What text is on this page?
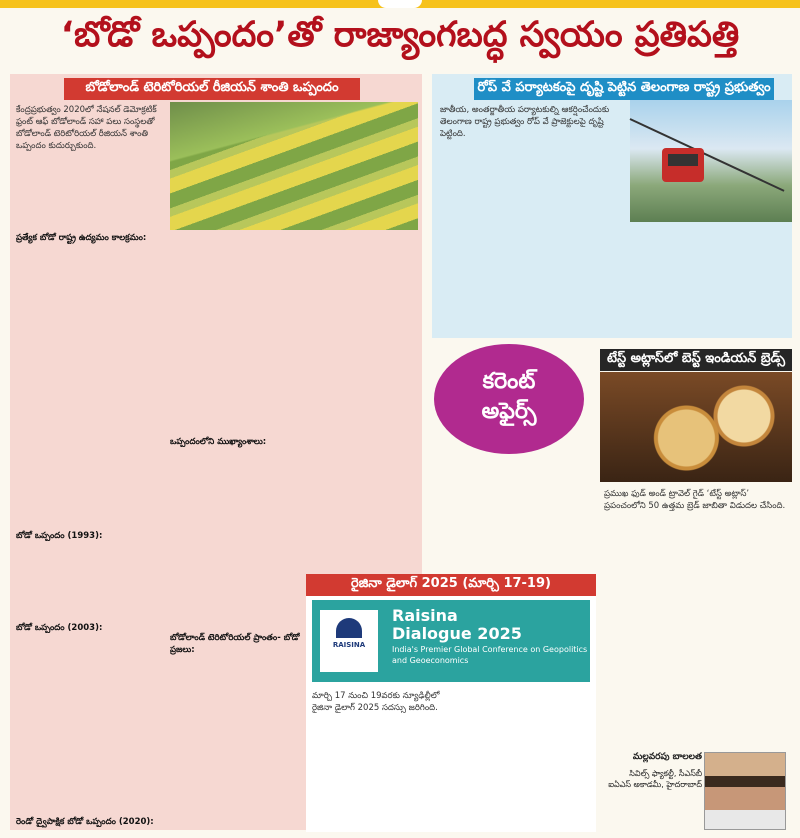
‘బోడో ఒప్పందం’తో రాజ్యాంగబద్ధ స్వయం ప్రతిపత్తి
బోడోలాండ్ టెరిటోరియల్ రీజియన్ శాంతి ఒప్పందం	రోప్ వే పర్యాటకంపై దృష్టి పెట్టిన తెలంగాణ రాష్ట్ర ప్రభుత్వం
టేస్ట్ అట్లాస్‌లో బెస్ట్ ఇండియన్ బ్రెడ్స్
రైజినా డైలాగ్ 2025 (మార్చి 17-19)
కరెంట్
అఫైర్స్
RAISINA
Raisina
Dialogue 2025
India's Premier Global Conference on Geopolitics and Geoeconomics
కేంద్రప్రభుత్వం 2020లో నేషనల్ డెమోక్రటిక్ ఫ్రంట్ ఆఫ్ బోడోలాండ్ సహా పలు సంస్థలతో బోడోలాండ్ టెరిటోరియల్ రీజియన్ శాంతి ఒప్పందం కుదుర్చుకుంది.
ప్రత్యేక బోడో రాష్ట్ర ఉద్యమం కాలక్రమం:
బోడో ఒప్పందం (1993):
బోడో ఒప్పందం (2003):
రెండో ద్వైపాక్షిక బోడో ఒప్పందం (2020):
ఒప్పందంలోని ముఖ్యాంశాలు:
బోడోలాండ్ టెరిటోరియల్ ప్రాంతం- బోడో ప్రజలు:
జాతీయ, అంతర్జాతీయ పర్యాటకుల్ని ఆకర్షించేందుకు తెలంగాణ రాష్ట్ర ప్రభుత్వం రోప్ వే ప్రాజెక్టులపై దృష్టి పెట్టింది.
ప్రముఖ ఫుడ్ అండ్ ట్రావెల్ గైడ్ ‘టేస్ట్ అట్లాస్’ ప్రపంచంలోని 50 ఉత్తమ బ్రెడ్ జాబితా విడుదల చేసింది.
మార్చి 17 నుంచి 19వరకు న్యూఢిల్లీలో రైజినా డైలాగ్ 2025 సదస్సు జరిగింది.
మల్లవరపు బాలలత
సివిల్స్ ఫ్యాకల్టీ, సీఎస్‌బీ ఐఏఎస్ అకాడమీ, హైదరాబాద్
